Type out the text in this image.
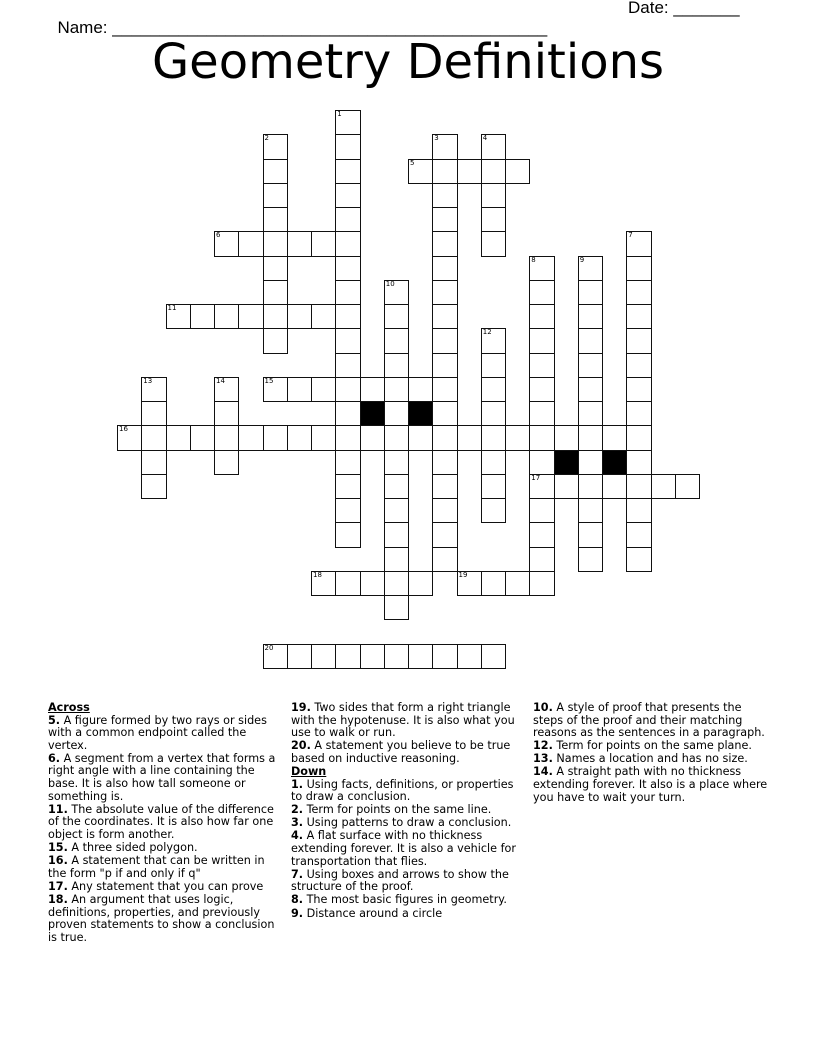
Name: ______________________________________________

Date: _______

Geometry Definitions
1
2	3	4
5
6	7
8
17
9
10
11
12
13	14	15
16
18	19
20
Across
5. A figure formed by two rays or sides with a common endpoint called the vertex.
6. A segment from a vertex that forms a right angle with a line containing the base. It is also how tall someone or something is.
11. The absolute value of the difference of the coordinates. It is also how far one object is form another.
15. A three sided polygon.
16. A statement that can be written in the form "p if and only if q"
17. Any statement that you can prove
18. An argument that uses logic, definitions, properties, and previously proven statements to show a conclusion is true.
19. Two sides that form a right triangle with the hypotenuse. It is also what you use to walk or run.
20. A statement you believe to be true based on inductive reasoning.
Down
1. Using facts, definitions, or properties to draw a conclusion.
2. Term for points on the same line.
3. Using patterns to draw a conclusion.
4. A flat surface with no thickness extending forever. It is also a vehicle for transportation that flies.
7. Using boxes and arrows to show the structure of the proof.
8. The most basic figures in geometry.
9. Distance around a circle
10. A style of proof that presents the steps of the proof and their matching reasons as the sentences in a paragraph.
12. Term for points on the same plane.
13. Names a location and has no size.
14. A straight path with no thickness extending forever. It also is a place where you have to wait your turn.
